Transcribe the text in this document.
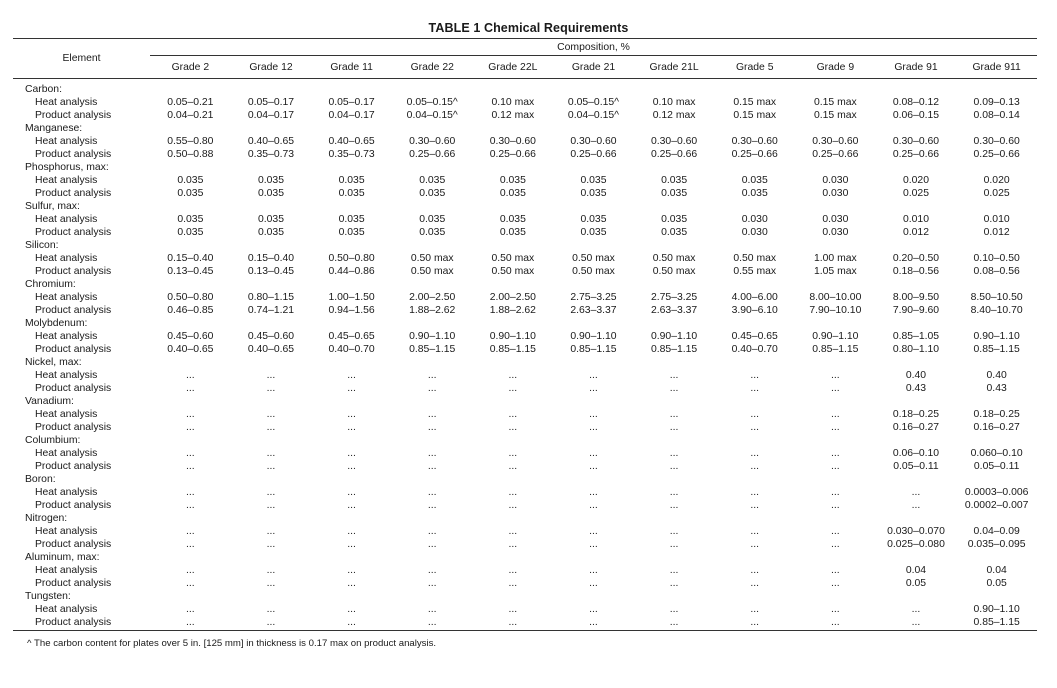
TABLE 1 Chemical Requirements
Element	Composition, %										
	Grade 2	Grade 12	Grade 11	Grade 22	Grade 22L	Grade 21	Grade 21L	Grade 5	Grade 9	Grade 91	Grade 911
Carbon:											
Heat analysis	0.05–0.21	0.05–0.17	0.05–0.17	0.05–0.15^	0.10 max	0.05–0.15^	0.10 max	0.15 max	0.15 max	0.08–0.12	0.09–0.13
Product analysis	0.04–0.21	0.04–0.17	0.04–0.17	0.04–0.15^	0.12 max	0.04–0.15^	0.12 max	0.15 max	0.15 max	0.06–0.15	0.08–0.14
Manganese:											
Heat analysis	0.55–0.80	0.40–0.65	0.40–0.65	0.30–0.60	0.30–0.60	0.30–0.60	0.30–0.60	0.30–0.60	0.30–0.60	0.30–0.60	0.30–0.60
Product analysis	0.50–0.88	0.35–0.73	0.35–0.73	0.25–0.66	0.25–0.66	0.25–0.66	0.25–0.66	0.25–0.66	0.25–0.66	0.25–0.66	0.25–0.66
Phosphorus, max:											
Heat analysis	0.035	0.035	0.035	0.035	0.035	0.035	0.035	0.035	0.030	0.020	0.020
Product analysis	0.035	0.035	0.035	0.035	0.035	0.035	0.035	0.035	0.030	0.025	0.025
Sulfur, max:											
Heat analysis	0.035	0.035	0.035	0.035	0.035	0.035	0.035	0.030	0.030	0.010	0.010
Product analysis	0.035	0.035	0.035	0.035	0.035	0.035	0.035	0.030	0.030	0.012	0.012
Silicon:											
Heat analysis	0.15–0.40	0.15–0.40	0.50–0.80	0.50 max	0.50 max	0.50 max	0.50 max	0.50 max	1.00 max	0.20–0.50	0.10–0.50
Product analysis	0.13–0.45	0.13–0.45	0.44–0.86	0.50 max	0.50 max	0.50 max	0.50 max	0.55 max	1.05 max	0.18–0.56	0.08–0.56
Chromium:											
Heat analysis	0.50–0.80	0.80–1.15	1.00–1.50	2.00–2.50	2.00–2.50	2.75–3.25	2.75–3.25	4.00–6.00	8.00–10.00	8.00–9.50	8.50–10.50
Product analysis	0.46–0.85	0.74–1.21	0.94–1.56	1.88–2.62	1.88–2.62	2.63–3.37	2.63–3.37	3.90–6.10	7.90–10.10	7.90–9.60	8.40–10.70
Molybdenum:											
Heat analysis	0.45–0.60	0.45–0.60	0.45–0.65	0.90–1.10	0.90–1.10	0.90–1.10	0.90–1.10	0.45–0.65	0.90–1.10	0.85–1.05	0.90–1.10
Product analysis	0.40–0.65	0.40–0.65	0.40–0.70	0.85–1.15	0.85–1.15	0.85–1.15	0.85–1.15	0.40–0.70	0.85–1.15	0.80–1.10	0.85–1.15
Nickel, max:											
Heat analysis	...	...	...	...	...	...	...	...	...	0.40	0.40
Product analysis	...	...	...	...	...	...	...	...	...	0.43	0.43
Vanadium:											
Heat analysis	...	...	...	...	...	...	...	...	...	0.18–0.25	0.18–0.25
Product analysis	...	...	...	...	...	...	...	...	...	0.16–0.27	0.16–0.27
Columbium:											
Heat analysis	...	...	...	...	...	...	...	...	...	0.06–0.10	0.060–0.10
Product analysis	...	...	...	...	...	...	...	...	...	0.05–0.11	0.05–0.11
Boron:											
Heat analysis	...	...	...	...	...	...	...	...	...	...	0.0003–0.006
Product analysis	...	...	...	...	...	...	...	...	...	...	0.0002–0.007
Nitrogen:											
Heat analysis	...	...	...	...	...	...	...	...	...	0.030–0.070	0.04–0.09
Product analysis	...	...	...	...	...	...	...	...	...	0.025–0.080	0.035–0.095
Aluminum, max:											
Heat analysis	...	...	...	...	...	...	...	...	...	0.04	0.04
Product analysis	...	...	...	...	...	...	...	...	...	0.05	0.05
Tungsten:											
Heat analysis	...	...	...	...	...	...	...	...	...	...	0.90–1.10
Product analysis	...	...	...	...	...	...	...	...	...	...	0.85–1.15
^ The carbon content for plates over 5 in. [125 mm] in thickness is 0.17 max on product analysis.
